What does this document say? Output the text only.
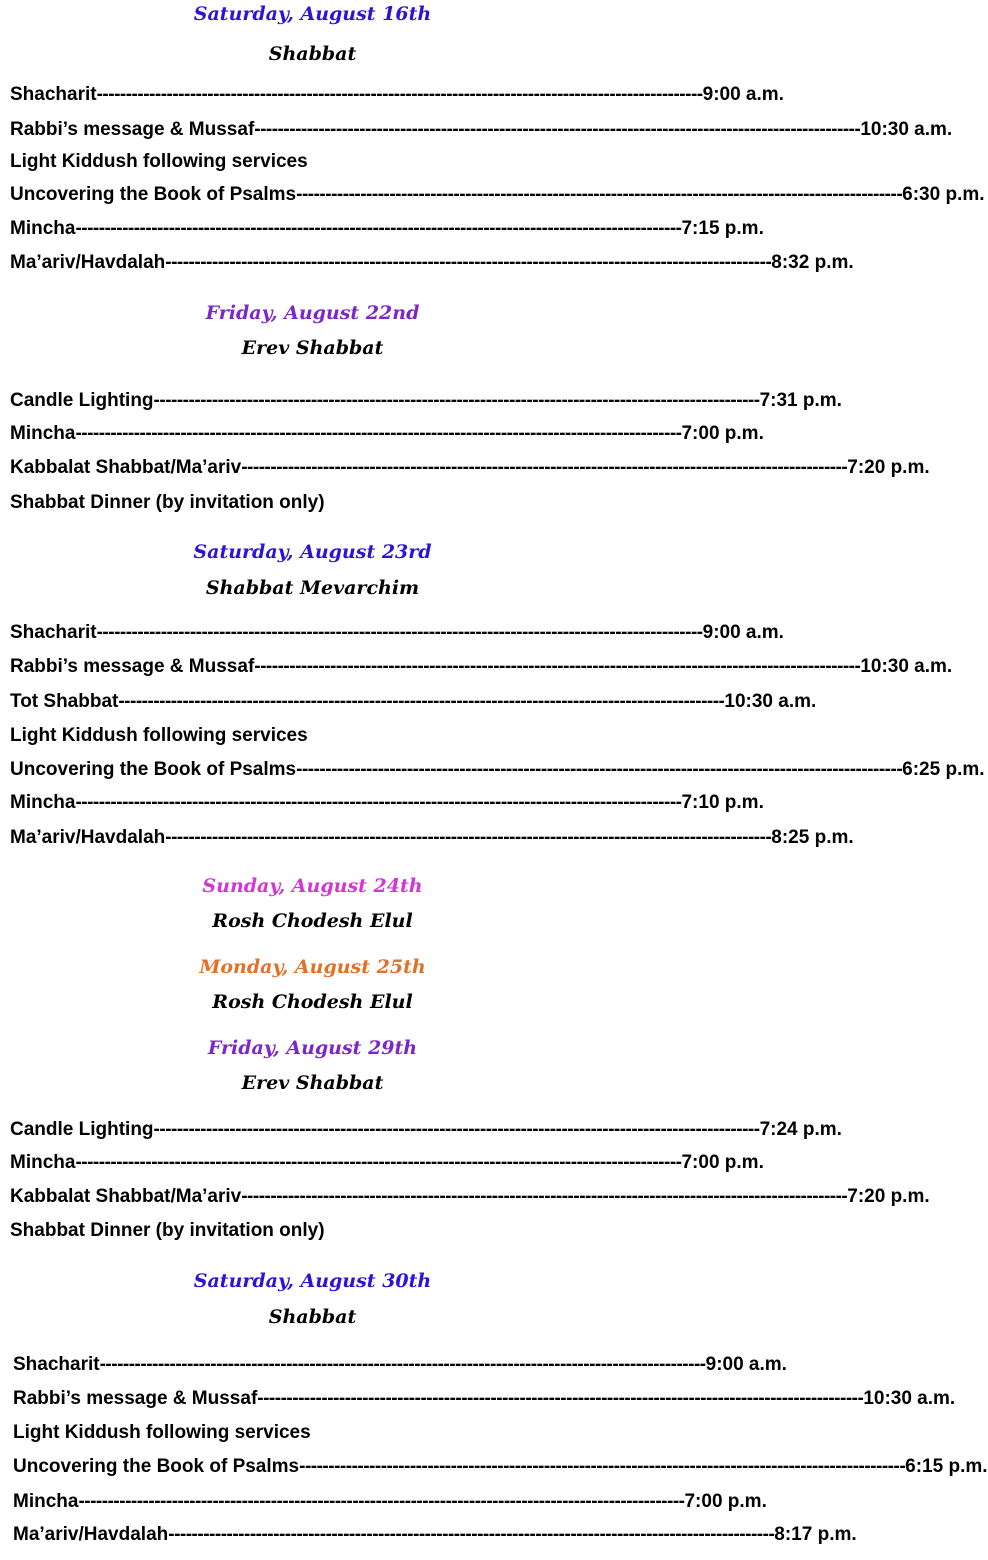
Saturday, August 16th
Shabbat
Shacharit -------------------------------------------------------------------------------------------------------- 9:00 a.m.
Rabbi’s message & Mussaf -------------------------------------------------------------------------------------------------------- 10:30 a.m.
Light Kiddush following services
Uncovering the Book of Psalms -------------------------------------------------------------------------------------------------------- 6:30 p.m.
Mincha -------------------------------------------------------------------------------------------------------- 7:15 p.m.
Ma’ariv/Havdalah -------------------------------------------------------------------------------------------------------- 8:32 p.m.
Friday, August 22nd
Erev Shabbat
Candle Lighting -------------------------------------------------------------------------------------------------------- 7:31 p.m.
Mincha -------------------------------------------------------------------------------------------------------- 7:00 p.m.
Kabbalat Shabbat/Ma’ariv -------------------------------------------------------------------------------------------------------- 7:20 p.m.
Shabbat Dinner (by invitation only)
Saturday, August 23rd
Shabbat Mevarchim
Shacharit -------------------------------------------------------------------------------------------------------- 9:00 a.m.
Rabbi’s message & Mussaf -------------------------------------------------------------------------------------------------------- 10:30 a.m.
Tot Shabbat -------------------------------------------------------------------------------------------------------- 10:30 a.m.
Light Kiddush following services
Uncovering the Book of Psalms -------------------------------------------------------------------------------------------------------- 6:25 p.m.
Mincha -------------------------------------------------------------------------------------------------------- 7:10 p.m.
Ma’ariv/Havdalah -------------------------------------------------------------------------------------------------------- 8:25 p.m.
Sunday, August 24th
Rosh Chodesh Elul
Monday, August 25th
Rosh Chodesh Elul
Friday, August 29th
Erev Shabbat
Candle Lighting -------------------------------------------------------------------------------------------------------- 7:24 p.m.
Mincha -------------------------------------------------------------------------------------------------------- 7:00 p.m.
Kabbalat Shabbat/Ma’ariv -------------------------------------------------------------------------------------------------------- 7:20 p.m.
Shabbat Dinner (by invitation only)
Saturday, August 30th
Shabbat
Shacharit -------------------------------------------------------------------------------------------------------- 9:00 a.m.
Rabbi’s message & Mussaf -------------------------------------------------------------------------------------------------------- 10:30 a.m.
Light Kiddush following services
Uncovering the Book of Psalms -------------------------------------------------------------------------------------------------------- 6:15 p.m.
Mincha -------------------------------------------------------------------------------------------------------- 7:00 p.m.
Ma’ariv/Havdalah -------------------------------------------------------------------------------------------------------- 8:17 p.m.
